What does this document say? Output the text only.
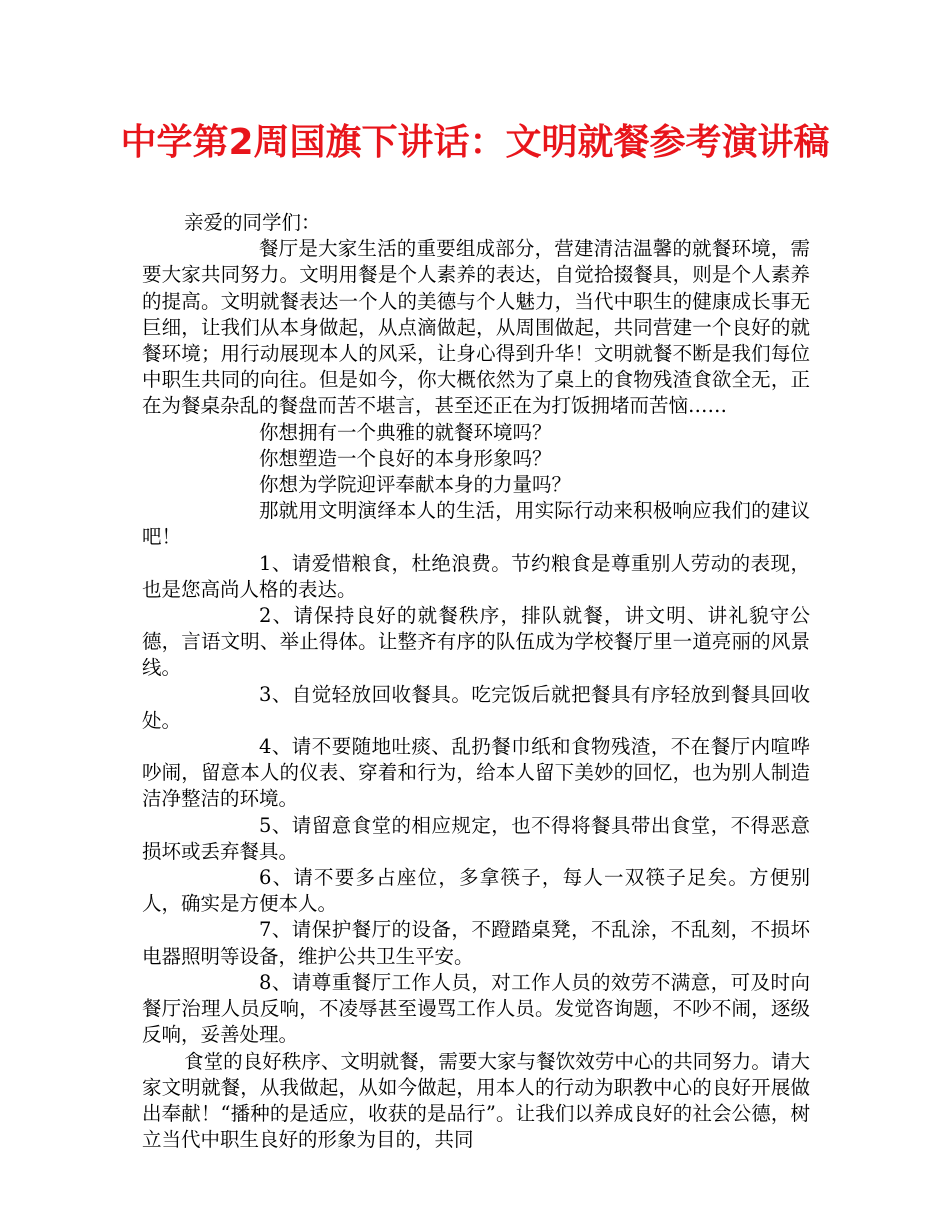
中学第2周国旗下讲话：文明就餐参考演讲稿

亲爱的同学们：

餐厅是大家生活的重要组成部分，营建清洁温馨的就餐环境，需要大家共同努力。文明用餐是个人素养的表达，自觉拾掇餐具，则是个人素养的提高。文明就餐表达一个人的美德与个人魅力，当代中职生的健康成长事无巨细，让我们从本身做起，从点滴做起，从周围做起，共同营建一个良好的就餐环境；用行动展现本人的风采，让身心得到升华！文明就餐不断是我们每位中职生共同的向往。但是如今，你大概依然为了桌上的食物残渣食欲全无，正在为餐桌杂乱的餐盘而苦不堪言，甚至还正在为打饭拥堵而苦恼……

你想拥有一个典雅的就餐环境吗？

你想塑造一个良好的本身形象吗？

你想为学院迎评奉献本身的力量吗？

那就用文明演绎本人的生活，用实际行动来积极响应我们的建议吧！

1、请爱惜粮食，杜绝浪费。节约粮食是尊重别人劳动的表现，也是您高尚人格的表达。

2、请保持良好的就餐秩序，排队就餐，讲文明、讲礼貌守公德，言语文明、举止得体。让整齐有序的队伍成为学校餐厅里一道亮丽的风景线。

3、自觉轻放回收餐具。吃完饭后就把餐具有序轻放到餐具回收处。

4、请不要随地吐痰、乱扔餐巾纸和食物残渣，不在餐厅内喧哗吵闹，留意本人的仪表、穿着和行为，给本人留下美妙的回忆，也为别人制造洁净整洁的环境。

5、请留意食堂的相应规定，也不得将餐具带出食堂，不得恶意损坏或丢弃餐具。

6、请不要多占座位，多拿筷子，每人一双筷子足矣。方便别人，确实是方便本人。

7、请保护餐厅的设备，不蹬踏桌凳，不乱涂，不乱刻，不损坏电器照明等设备，维护公共卫生平安。

8、请尊重餐厅工作人员，对工作人员的效劳不满意，可及时向餐厅治理人员反响，不凌辱甚至谩骂工作人员。发觉咨询题，不吵不闹，逐级反响，妥善处理。

食堂的良好秩序、文明就餐，需要大家与餐饮效劳中心的共同努力。请大家文明就餐，从我做起，从如今做起，用本人的行动为职教中心的良好开展做出奉献！“播种的是适应，收获的是品行”。让我们以养成良好的社会公德，树立当代中职生良好的形象为目的，共同
